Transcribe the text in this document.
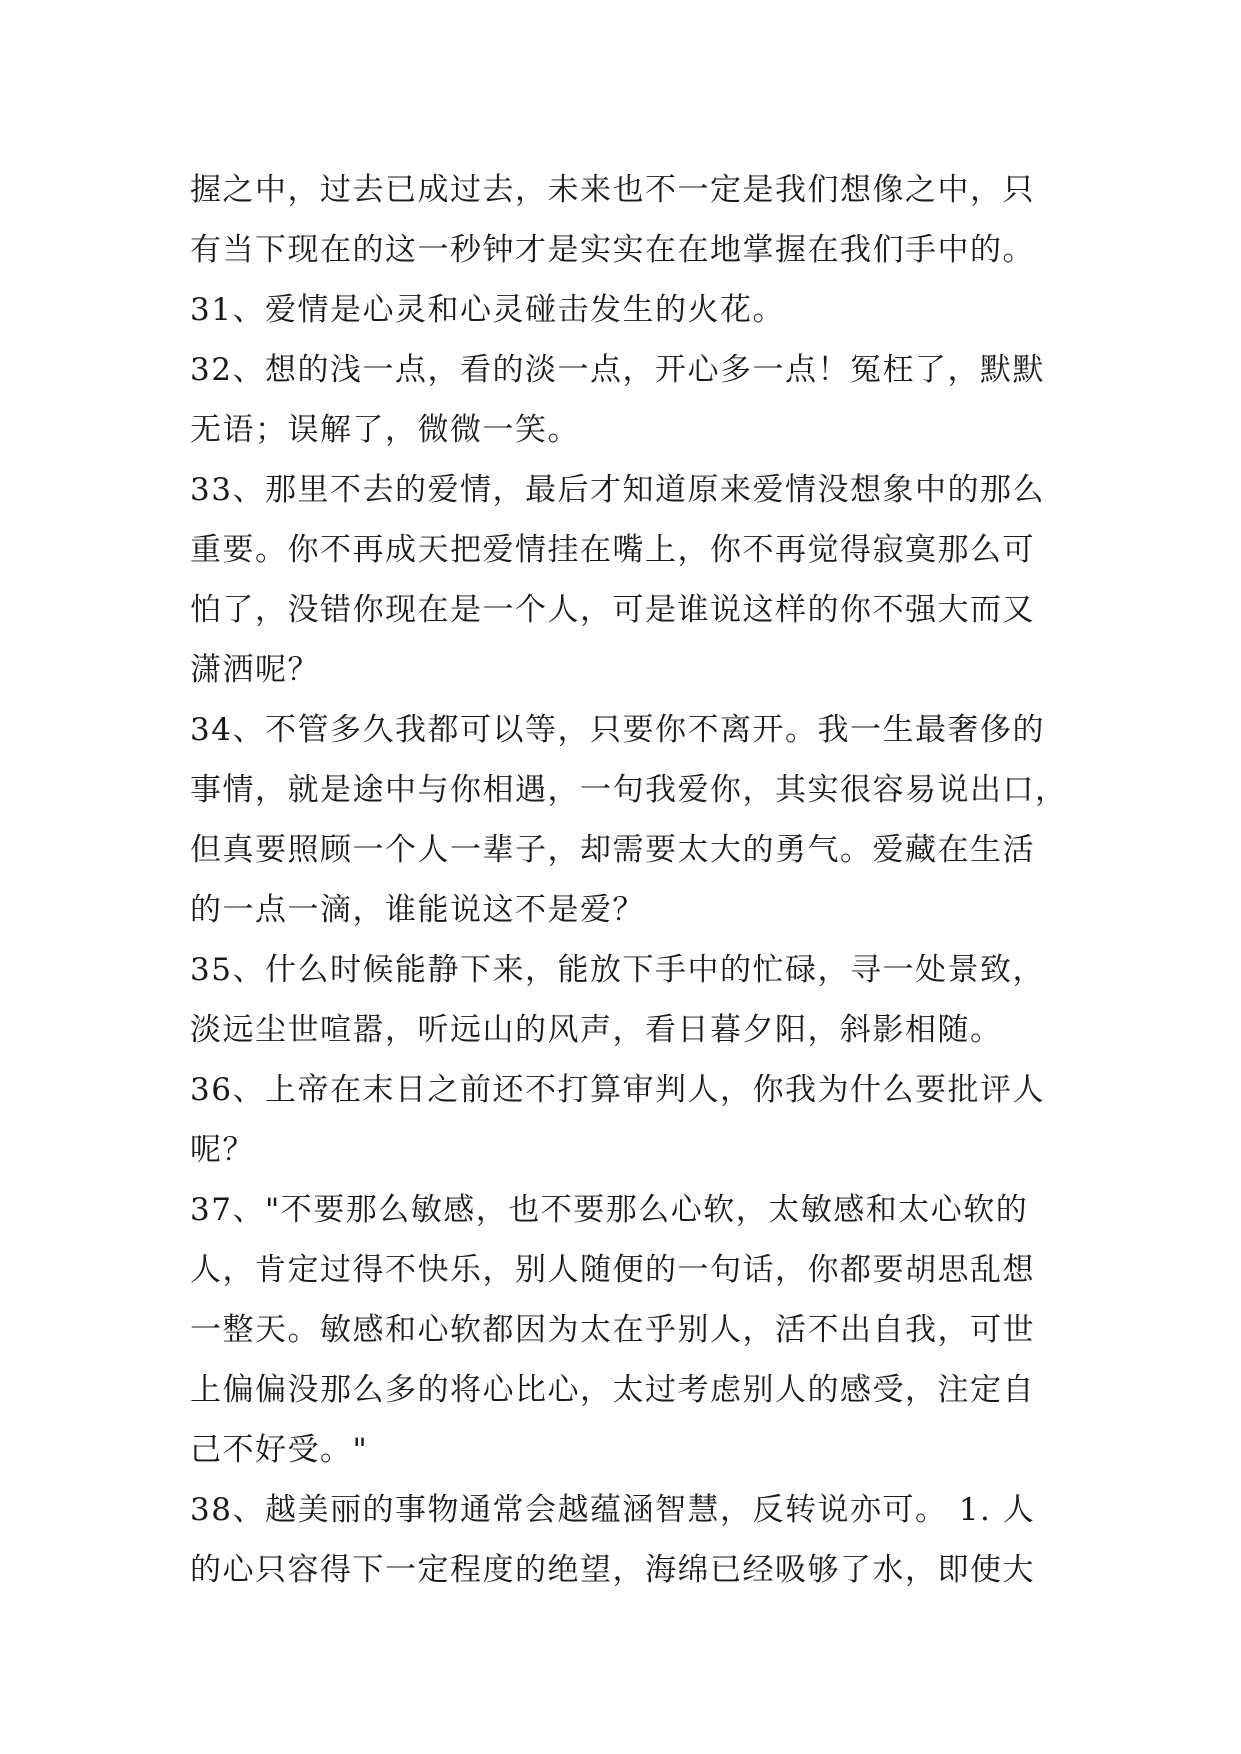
握之中，过去已成过去，未来也不一定是我们想像之中，只
有当下现在的这一秒钟才是实实在在地掌握在我们手中的。
31、爱情是心灵和心灵碰击发生的火花。
32、想的浅一点，看的淡一点，开心多一点！冤枉了，默默
无语；误解了，微微一笑。
33、那里不去的爱情，最后才知道原来爱情没想象中的那么
重要。你不再成天把爱情挂在嘴上，你不再觉得寂寞那么可
怕了，没错你现在是一个人，可是谁说这样的你不强大而又
潇洒呢？
34、不管多久我都可以等，只要你不离开。我一生最奢侈的
事情，就是途中与你相遇，一句我爱你，其实很容易说出口，
但真要照顾一个人一辈子，却需要太大的勇气。爱藏在生活
的一点一滴，谁能说这不是爱？
35、什么时候能静下来，能放下手中的忙碌，寻一处景致，
淡远尘世喧嚣，听远山的风声，看日暮夕阳，斜影相随。
36、上帝在末日之前还不打算审判人，你我为什么要批评人
呢？
37、"不要那么敏感，也不要那么心软，太敏感和太心软的
人，肯定过得不快乐，别人随便的一句话，你都要胡思乱想
一整天。敏感和心软都因为太在乎别人，活不出自我，可世
上偏偏没那么多的将心比心，太过考虑别人的感受，注定自
己不好受。"
38、越美丽的事物通常会越蕴涵智慧，反转说亦可。 1. 人
的心只容得下一定程度的绝望，海绵已经吸够了水，即使大
